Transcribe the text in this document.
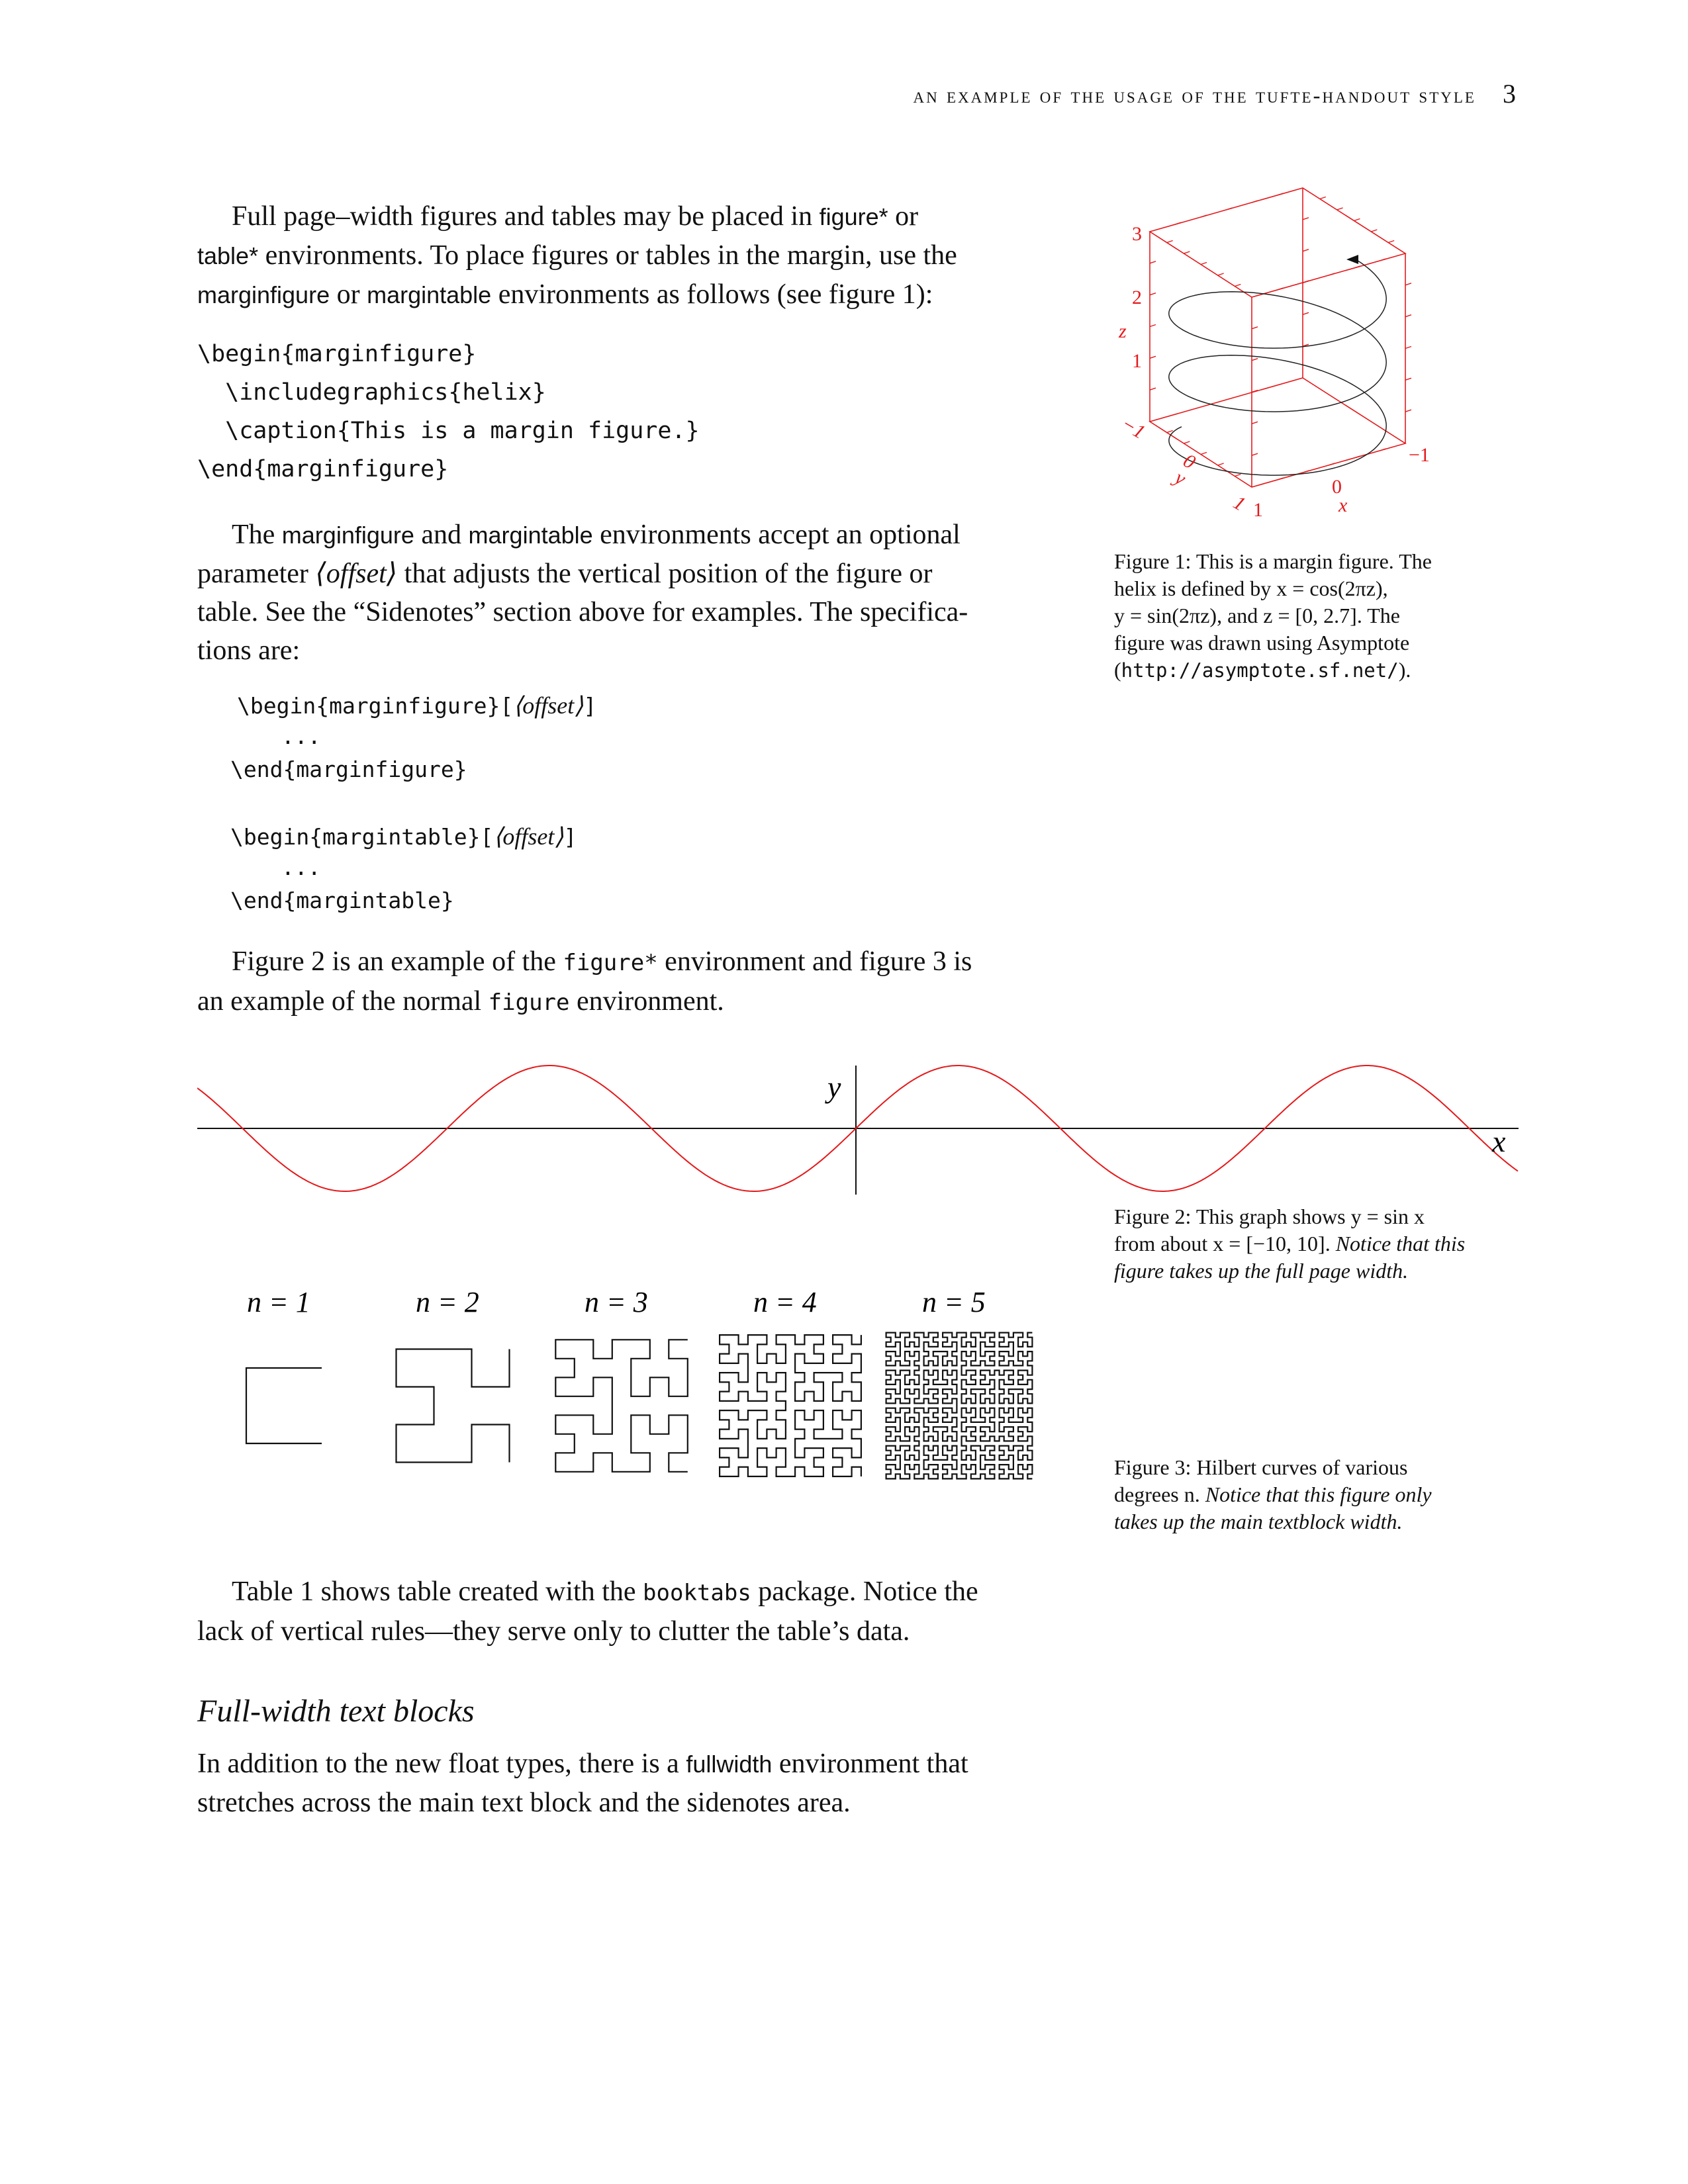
an example of the usage of the tufte-handout style 3
Full page–width figures and tables may be placed in figure* or
table* environments. To place figures or tables in the margin, use the
marginfigure or margintable environments as follows (see figure 1):
\begin{marginfigure}
\includegraphics{helix}
\caption{This is a margin figure.}
\end{marginfigure}
The marginfigure and margintable environments accept an optional
parameter ⟨offset⟩ that adjusts the vertical position of the figure or
table. See the “Sidenotes” section above for examples. The specifica-
tions are:
\begin{marginfigure}[⟨offset⟩]
...
\end{marginfigure}
\begin{margintable}[⟨offset⟩]
...
\end{margintable}
Figure 2 is an example of the figure* environment and figure 3 is
an example of the normal figure environment.
3
2
1
z
−1
0
y
1 1
0
x
−1
Figure 1: This is a margin figure. The
helix is defined by x = cos(2πz),
y = sin(2πz), and z = [0, 2.7]. The
figure was drawn using Asymptote
(http://asymptote.sf.net/).
y
x
Figure 2: This graph shows y = sin x
from about x = [−10, 10]. Notice that this
figure takes up the full page width.
n = 1	n = 2	n = 3	n = 4	n = 5
Figure 3: Hilbert curves of various
degrees n. Notice that this figure only
takes up the main textblock width.
Table 1 shows table created with the booktabs package. Notice the
lack of vertical rules—they serve only to clutter the table’s data.
Full-width text blocks
In addition to the new float types, there is a fullwidth environment that
stretches across the main text block and the sidenotes area.
